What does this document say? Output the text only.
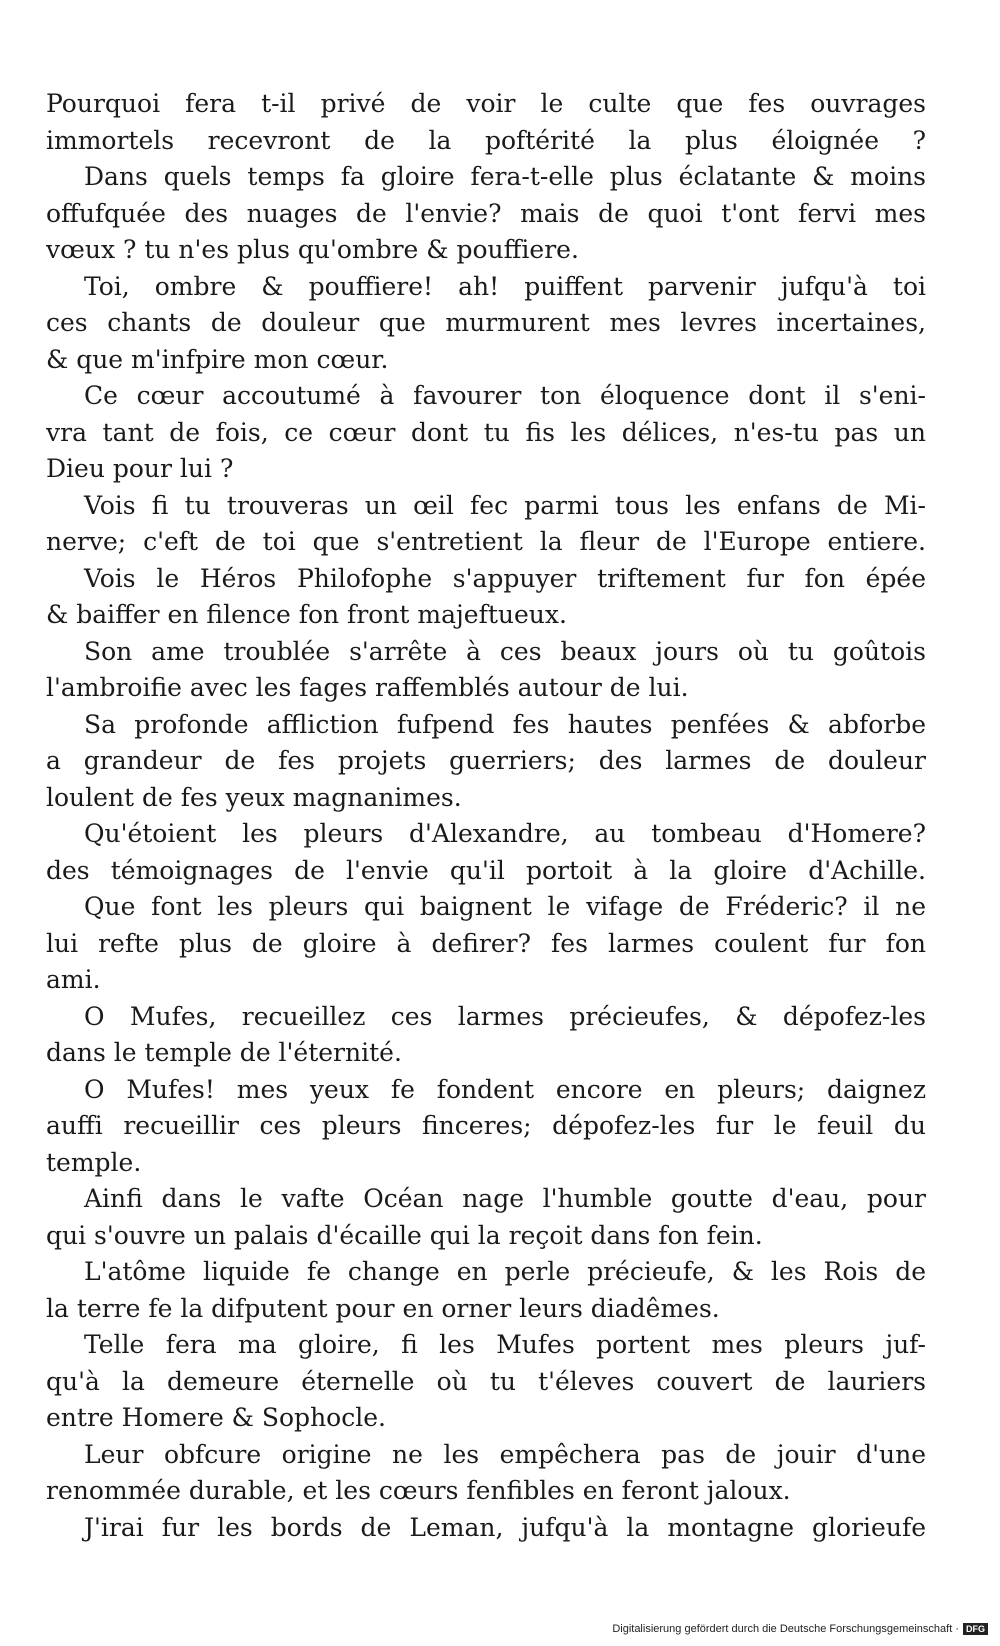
Pourquoi fera t-il privé de voir le culte que fes ouvrages
immortels recevront de la poftérité la plus éloignée ?
Dans quels temps fa gloire fera-t-elle plus éclatante & moins
offufquée des nuages de l'envie? mais de quoi t'ont fervi mes
vœux ? tu n'es plus qu'ombre & pouffiere.
Toi, ombre & pouffiere! ah! puiffent parvenir jufqu'à toi
ces chants de douleur que murmurent mes levres incertaines,
& que m'infpire mon cœur.
Ce cœur accoutumé à favourer ton éloquence dont il s'eni-
vra tant de fois, ce cœur dont tu fis les délices, n'es-tu pas un
Dieu pour lui ?
Vois fi tu trouveras un œil fec parmi tous les enfans de Mi-
nerve; c'eft de toi que s'entretient la fleur de l'Europe entiere.
Vois le Héros Philofophe s'appuyer triftement fur fon épée
& baiffer en filence fon front majeftueux.
Son ame troublée s'arrête à ces beaux jours où tu goûtois
l'ambroifie avec les fages raffemblés autour de lui.
Sa profonde affliction fufpend fes hautes penfées & abforbe
a grandeur de fes projets guerriers; des larmes de douleur
loulent de fes yeux magnanimes.
Qu'étoient les pleurs d'Alexandre, au tombeau d'Homere?
des témoignages de l'envie qu'il portoit à la gloire d'Achille.
Que font les pleurs qui baignent le vifage de Fréderic? il ne
lui refte plus de gloire à defirer? fes larmes coulent fur fon
ami.
O Mufes, recueillez ces larmes précieufes, & dépofez-les
dans le temple de l'éternité.
O Mufes! mes yeux fe fondent encore en pleurs; daignez
auffi recueillir ces pleurs finceres; dépofez-les fur le feuil du
temple.
Ainfi dans le vafte Océan nage l'humble goutte d'eau, pour
qui s'ouvre un palais d'écaille qui la reçoit dans fon fein.
L'atôme liquide fe change en perle précieufe, & les Rois de
la terre fe la difputent pour en orner leurs diadêmes.
Telle fera ma gloire, fi les Mufes portent mes pleurs juf-
qu'à la demeure éternelle où tu t'éleves couvert de lauriers
entre Homere & Sophocle.
Leur obfcure origine ne les empêchera pas de jouir d'une
renommée durable, et les cœurs fenfibles en feront jaloux.
J'irai fur les bords de Leman, jufqu'à la montagne glorieufe
Digitalisierung gefördert durch die Deutsche Forschungsgemeinschaft · DFG
